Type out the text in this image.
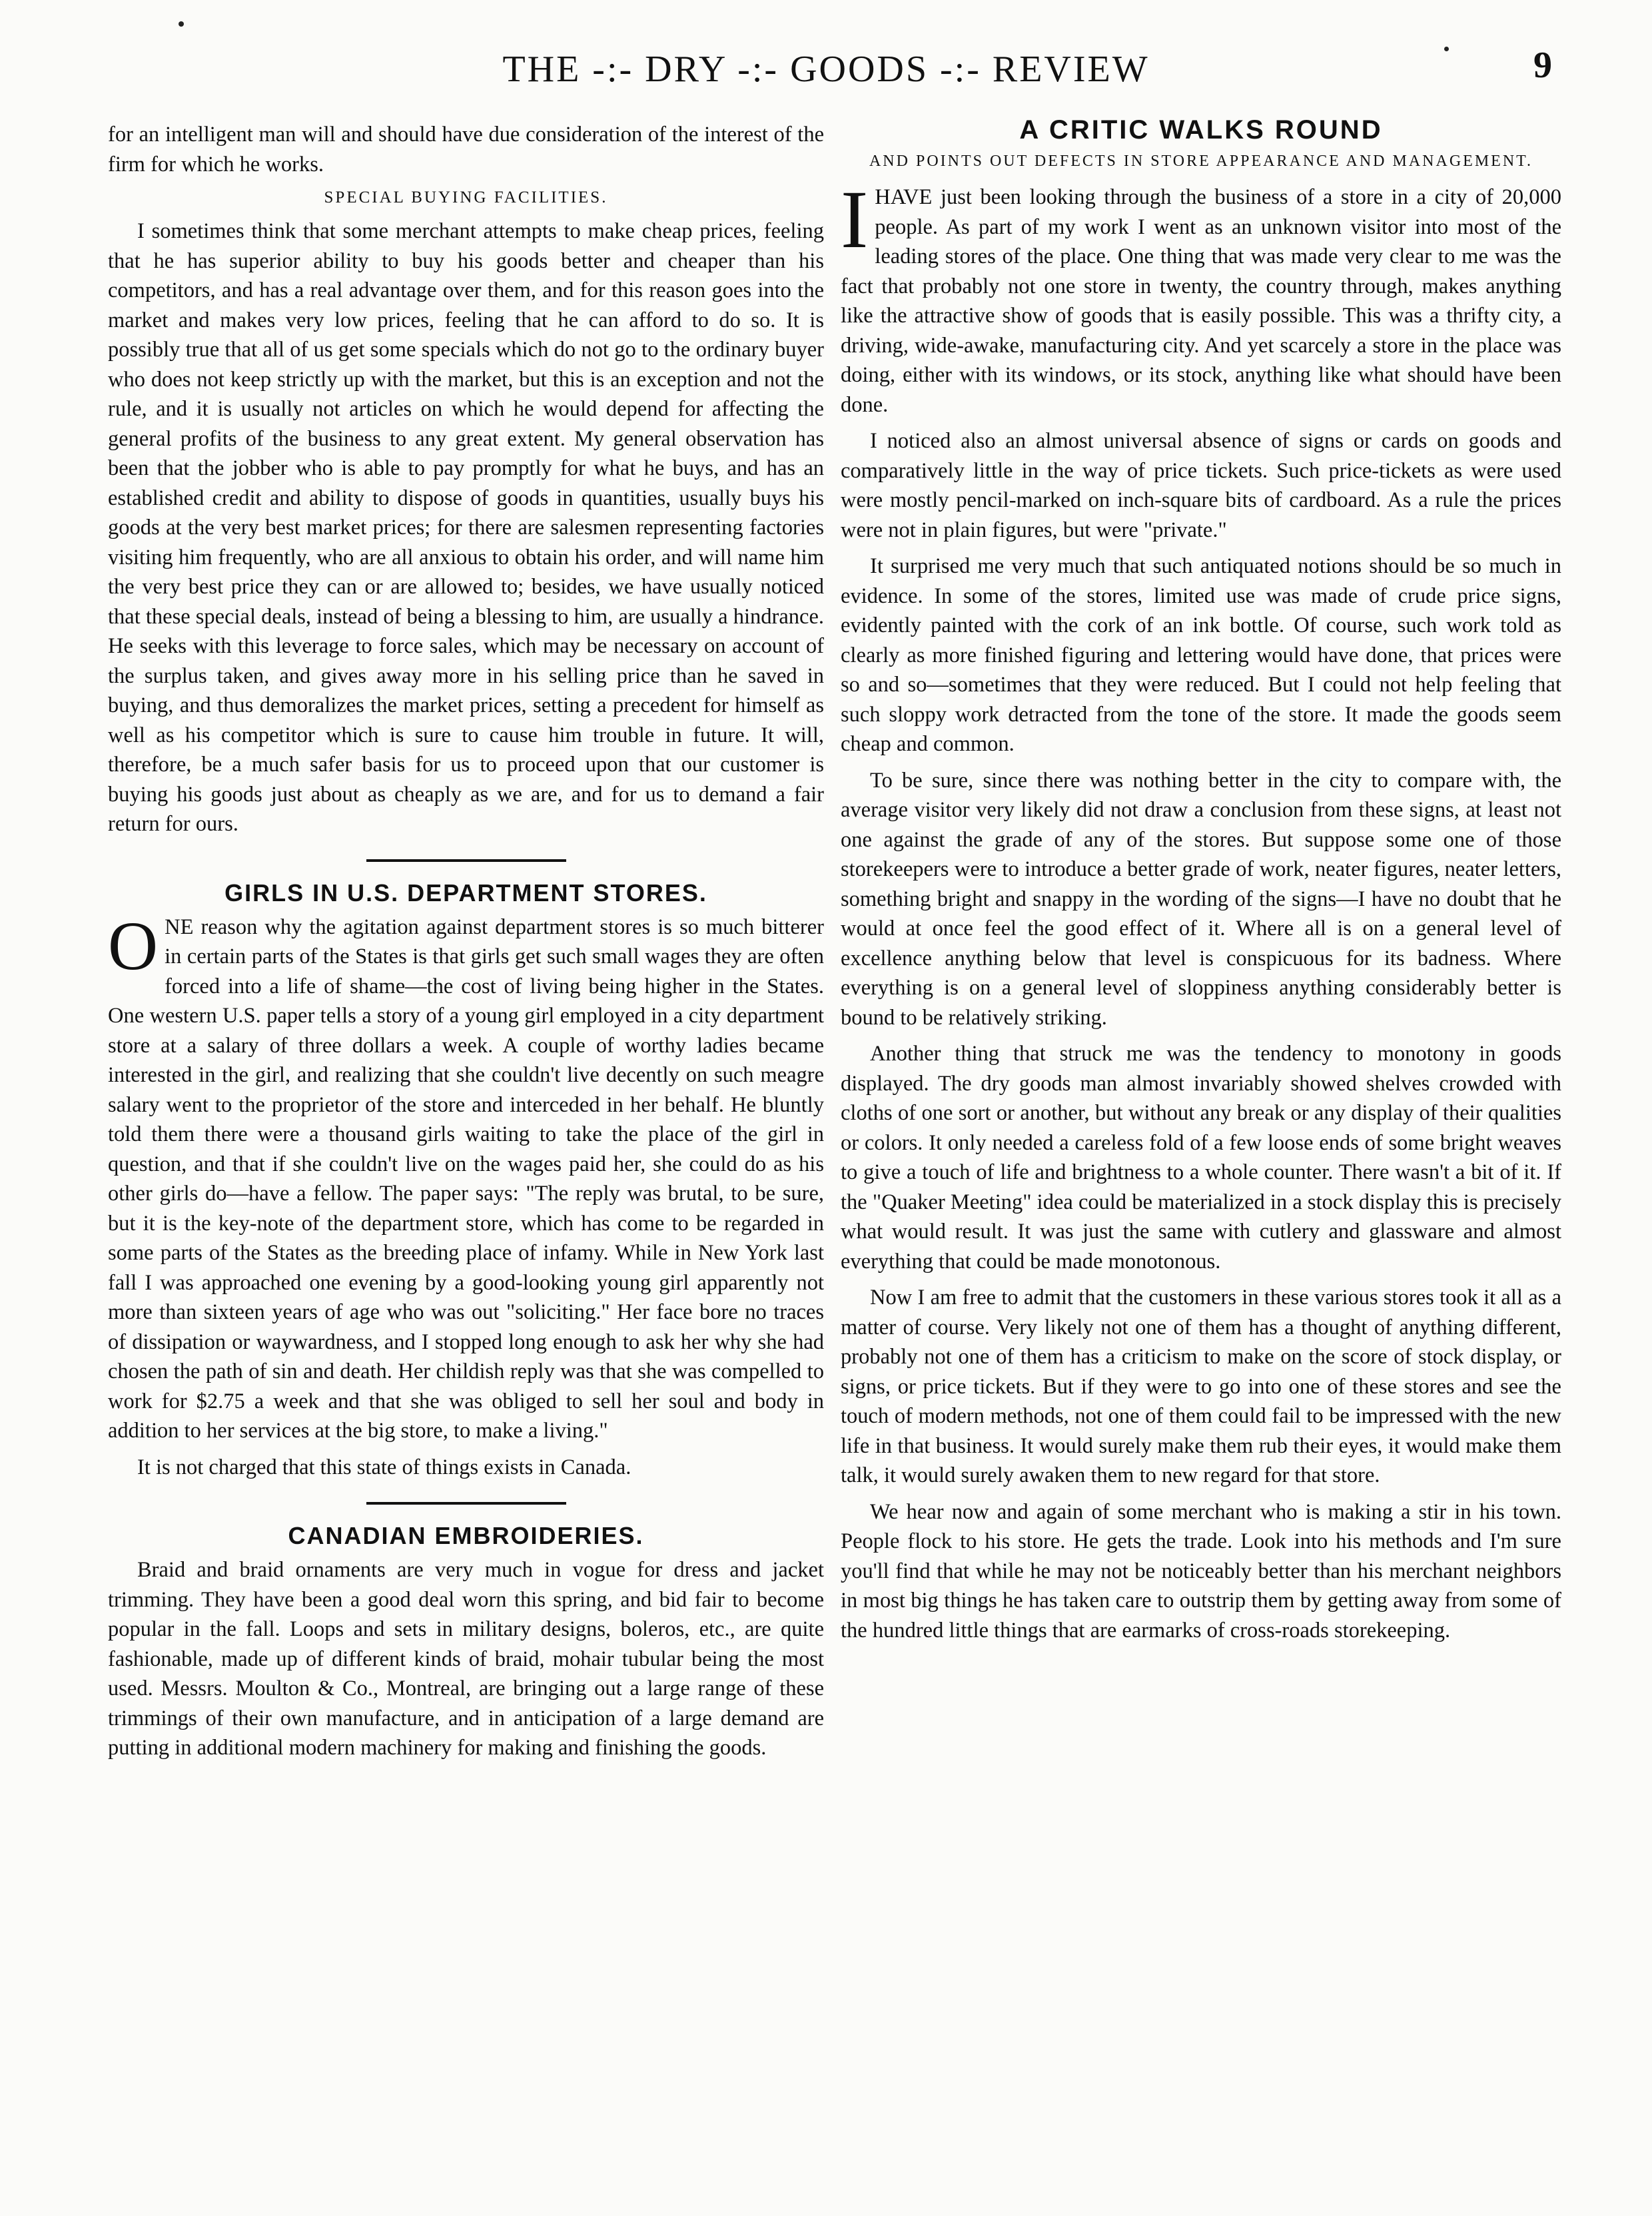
THE -:- DRY -:- GOODS -:- REVIEW	9

for an intelligent man will and should have due consideration of the interest of the firm for which he works.

SPECIAL BUYING FACILITIES.

I sometimes think that some merchant attempts to make cheap prices, feeling that he has superior ability to buy his goods better and cheaper than his competitors, and has a real advantage over them, and for this reason goes into the market and makes very low prices, feeling that he can afford to do so. It is possibly true that all of us get some specials which do not go to the ordinary buyer who does not keep strictly up with the market, but this is an exception and not the rule, and it is usually not articles on which he would depend for affecting the general profits of the business to any great extent. My general observation has been that the jobber who is able to pay promptly for what he buys, and has an established credit and ability to dispose of goods in quantities, usually buys his goods at the very best market prices; for there are salesmen representing factories visiting him frequently, who are all anxious to obtain his order, and will name him the very best price they can or are allowed to; besides, we have usually noticed that these special deals, instead of being a blessing to him, are usually a hindrance. He seeks with this leverage to force sales, which may be necessary on account of the surplus taken, and gives away more in his selling price than he saved in buying, and thus demoralizes the market prices, setting a precedent for himself as well as his competitor which is sure to cause him trouble in future. It will, therefore, be a much safer basis for us to proceed upon that our customer is buying his goods just about as cheaply as we are, and for us to demand a fair return for ours.

GIRLS IN U.S. DEPARTMENT STORES.

ONE reason why the agitation against department stores is so much bitterer in certain parts of the States is that girls get such small wages they are often forced into a life of shame—the cost of living being higher in the States. One western U.S. paper tells a story of a young girl employed in a city department store at a salary of three dollars a week. A couple of worthy ladies became interested in the girl, and realizing that she couldn't live decently on such meagre salary went to the proprietor of the store and interceded in her behalf. He bluntly told them there were a thousand girls waiting to take the place of the girl in question, and that if she couldn't live on the wages paid her, she could do as his other girls do—have a fellow. The paper says: "The reply was brutal, to be sure, but it is the key-note of the department store, which has come to be regarded in some parts of the States as the breeding place of infamy. While in New York last fall I was approached one evening by a good-looking young girl apparently not more than sixteen years of age who was out "soliciting." Her face bore no traces of dissipation or waywardness, and I stopped long enough to ask her why she had chosen the path of sin and death. Her childish reply was that she was compelled to work for $2.75 a week and that she was obliged to sell her soul and body in addition to her services at the big store, to make a living."

It is not charged that this state of things exists in Canada.

CANADIAN EMBROIDERIES.

Braid and braid ornaments are very much in vogue for dress and jacket trimming. They have been a good deal worn this spring, and bid fair to become popular in the fall. Loops and sets in military designs, boleros, etc., are quite fashionable, made up of different kinds of braid, mohair tubular being the most used. Messrs. Moulton & Co., Montreal, are bringing out a large range of these trimmings of their own manufacture, and in anticipation of a large demand are putting in additional modern machinery for making and finishing the goods.

A CRITIC WALKS ROUND
AND POINTS OUT DEFECTS IN STORE APPEARANCE AND MANAGEMENT.

IHAVE just been looking through the business of a store in a city of 20,000 people. As part of my work I went as an unknown visitor into most of the leading stores of the place. One thing that was made very clear to me was the fact that probably not one store in twenty, the country through, makes anything like the attractive show of goods that is easily possible. This was a thrifty city, a driving, wide-awake, manufacturing city. And yet scarcely a store in the place was doing, either with its windows, or its stock, anything like what should have been done.

I noticed also an almost universal absence of signs or cards on goods and comparatively little in the way of price tickets. Such price-tickets as were used were mostly pencil-marked on inch-square bits of cardboard. As a rule the prices were not in plain figures, but were "private."

It surprised me very much that such antiquated notions should be so much in evidence. In some of the stores, limited use was made of crude price signs, evidently painted with the cork of an ink bottle. Of course, such work told as clearly as more finished figuring and lettering would have done, that prices were so and so—sometimes that they were reduced. But I could not help feeling that such sloppy work detracted from the tone of the store. It made the goods seem cheap and common.

To be sure, since there was nothing better in the city to compare with, the average visitor very likely did not draw a conclusion from these signs, at least not one against the grade of any of the stores. But suppose some one of those storekeepers were to introduce a better grade of work, neater figures, neater letters, something bright and snappy in the wording of the signs—I have no doubt that he would at once feel the good effect of it. Where all is on a general level of excellence anything below that level is conspicuous for its badness. Where everything is on a general level of sloppiness anything considerably better is bound to be relatively striking.

Another thing that struck me was the tendency to monotony in goods displayed. The dry goods man almost invariably showed shelves crowded with cloths of one sort or another, but without any break or any display of their qualities or colors. It only needed a careless fold of a few loose ends of some bright weaves to give a touch of life and brightness to a whole counter. There wasn't a bit of it. If the "Quaker Meeting" idea could be materialized in a stock display this is precisely what would result. It was just the same with cutlery and glassware and almost everything that could be made monotonous.

Now I am free to admit that the customers in these various stores took it all as a matter of course. Very likely not one of them has a thought of anything different, probably not one of them has a criticism to make on the score of stock display, or signs, or price tickets. But if they were to go into one of these stores and see the touch of modern methods, not one of them could fail to be impressed with the new life in that business. It would surely make them rub their eyes, it would make them talk, it would surely awaken them to new regard for that store.

We hear now and again of some merchant who is making a stir in his town. People flock to his store. He gets the trade. Look into his methods and I'm sure you'll find that while he may not be noticeably better than his merchant neighbors in most big things he has taken care to outstrip them by getting away from some of the hundred little things that are earmarks of cross-roads storekeeping.
